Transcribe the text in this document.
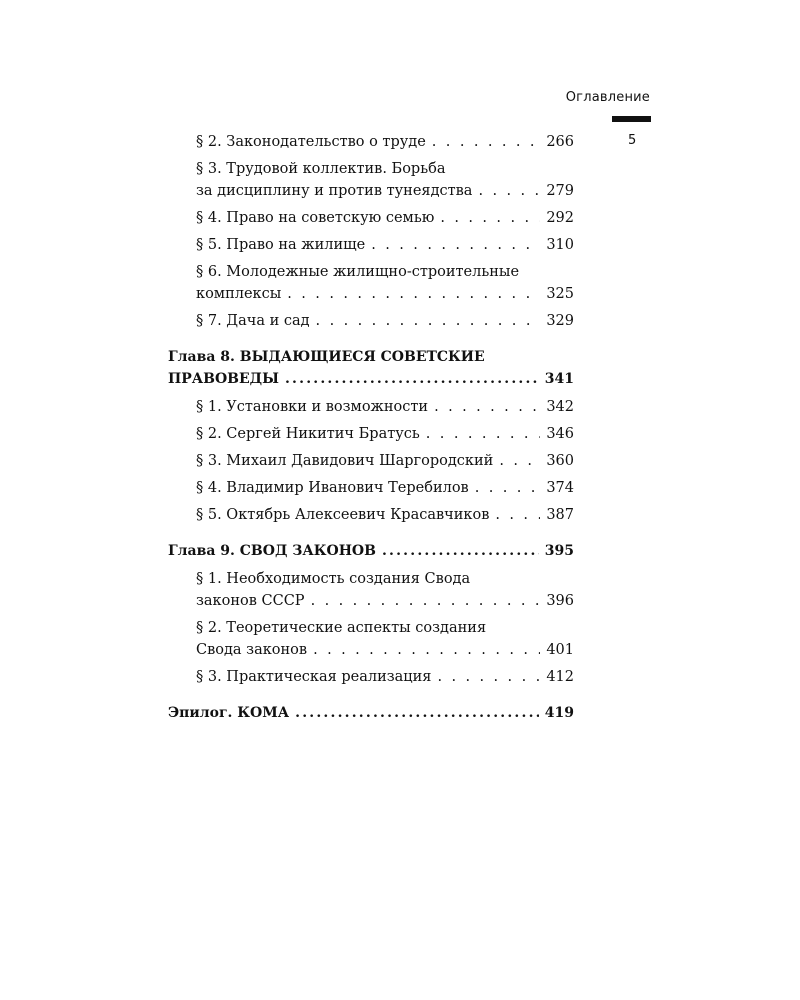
Оглавление
5
§ 2. Законодательство о труде . . .	266
§ 3. Трудовой коллектив. Борьба
за дисциплину и против тунеядства . . .	279
§ 4. Право на советскую семью . . .	292
§ 5. Право на жилище . . .	310
§ 6. Молодежные жилищно-строительные
комплексы . . .	325
§ 7. Дача и сад . . .	329
Глава 8. ВЫДАЮЩИЕСЯ СОВЕТСКИЕ
ПРАВОВЕДЫ .....	341
§ 1. Установки и возможности . . .	342
§ 2. Сергей Никитич Братусь . . .	346
§ 3. Михаил Давидович Шаргородский . . .	360
§ 4. Владимир Иванович Теребилов . . .	374
§ 5. Октябрь Алексеевич Красавчиков . . .	387
Глава 9. СВОД ЗАКОНОВ .....	395
§ 1. Необходимость создания Свода
законов СССР . . .	396
§ 2. Теоретические аспекты создания
Свода законов . . .	401
§ 3. Практическая реализация . . .	412
Эпилог. КОМА .....	419
